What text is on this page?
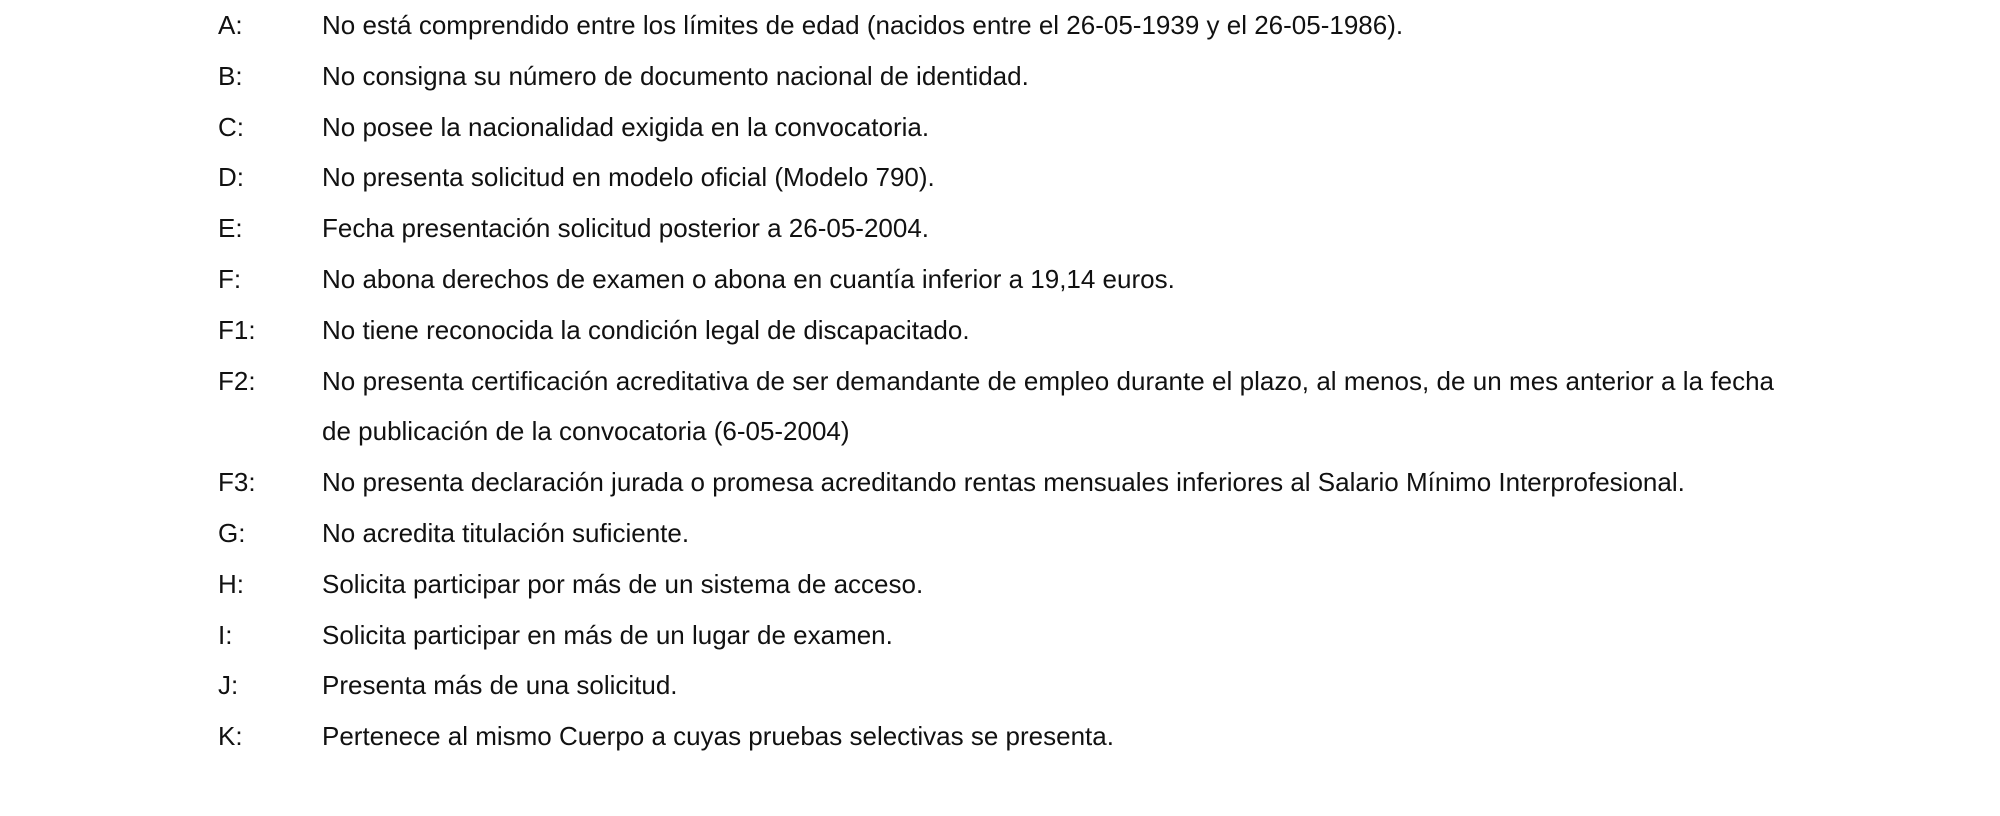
A:	No está comprendido entre los límites de edad (nacidos entre el 26-05-1939 y el 26-05-1986).
B:	No consigna su número de documento nacional de identidad.
C:	No posee la nacionalidad exigida en la convocatoria.
D:	No presenta solicitud en modelo oficial (Modelo 790).
E:	Fecha presentación solicitud posterior a 26-05-2004.
F:	No abona derechos de examen o abona en cuantía inferior a 19,14 euros.
F1:	No tiene reconocida la condición legal de discapacitado.
F2:	No presenta certificación acreditativa de ser demandante de empleo durante el plazo, al menos, de un mes anterior a la fecha de publicación de la convocatoria (6-05-2004)
F3:	No presenta declaración jurada o promesa acreditando rentas mensuales inferiores al Salario Mínimo Interprofesional.
G:	No acredita titulación suficiente.
H:	Solicita participar por más de un sistema de acceso.
I:	Solicita participar en más de un lugar de examen.
J:	Presenta más de una solicitud.
K:	Pertenece al mismo Cuerpo a cuyas pruebas selectivas se presenta.
